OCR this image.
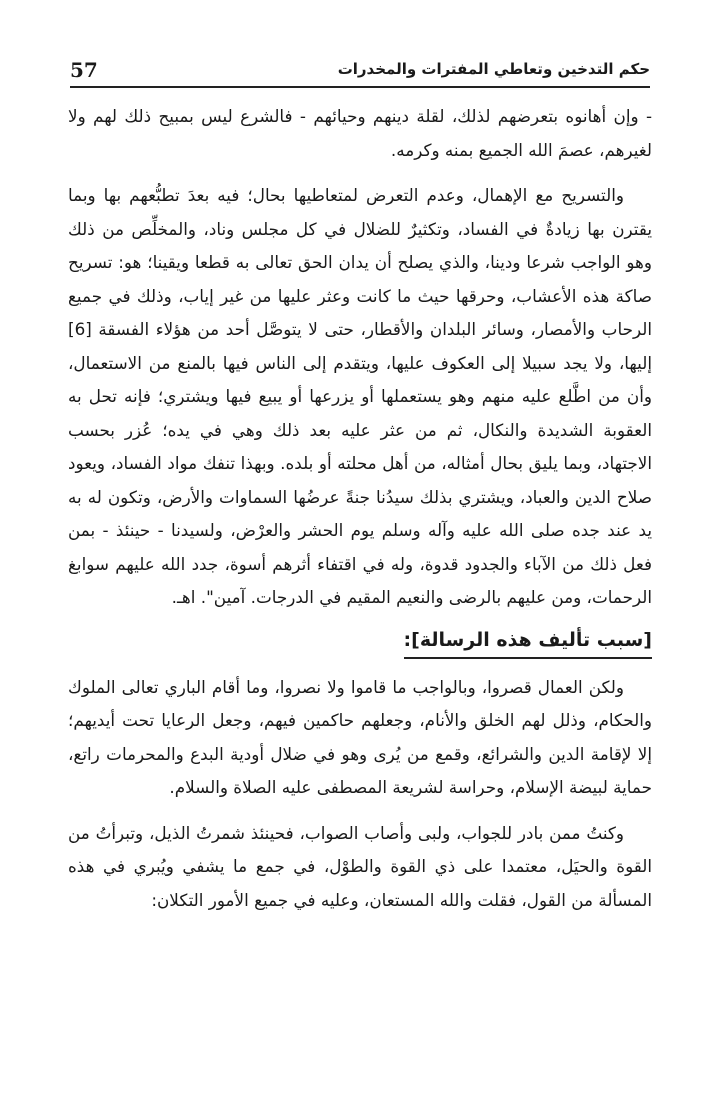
57	حكم التدخين وتعاطي المفترات والمخدرات

- وإن أهانوه بتعرضهم لذلك، لقلة دينهم وحيائهم - فالشرع ليس بمبيح ذلك لهم ولا لغيرهم، عصمَ الله الجميع بمنه وكرمه.

والتسريح مع الإهمال، وعدم التعرض لمتعاطيها بحال؛ فيه بعدَ تطبُّعهم بها وبما يقترن بها زيادةٌ في الفساد، وتكثيرٌ للضلال في كل مجلس وناد، والمخلِّص من ذلك وهو الواجب شرعا ودينا، والذي يصلح أن يدان الحق تعالى به قطعا ويقينا؛ هو: تسريح صاكة هذه الأعشاب، وحرقها حيث ما كانت وعثر عليها من غير إياب، وذلك في جميع الرحاب والأمصار، وسائر البلدان والأقطار، حتى لا يتوصَّل أحد من هؤلاء الفسقة [6] إليها، ولا يجد سبيلا إلى العكوف عليها، ويتقدم إلى الناس فيها بالمنع من الاستعمال، وأن من اطَّلع عليه منهم وهو يستعملها أو يزرعها أو يبيع فيها ويشتري؛ فإنه تحل به العقوبة الشديدة والنكال، ثم من عثر عليه بعد ذلك وهي في يده؛ عُزر بحسب الاجتهاد، وبما يليق بحال أمثاله، من أهل محلته أو بلده. وبهذا تنفك مواد الفساد، ويعود صلاح الدين والعباد، ويشتري بذلك سيدُنا جنةً عرضُها السماوات والأرض، وتكون له به يد عند جده صلى الله عليه وآله وسلم يوم الحشر والعرْض، ولسيدنا - حينئذ - بمن فعل ذلك من الآباء والجدود قدوة، وله في اقتفاء أثرهم أسوة، جدد الله عليهم سوابغ الرحمات، ومن عليهم بالرضى والنعيم المقيم في الدرجات. آمين". اهـ.

[سبب تأليف هذه الرسالة]:

ولكن العمال قصروا، وبالواجب ما قاموا ولا نصروا، وما أقام الباري تعالى الملوك والحكام، وذلل لهم الخلق والأنام، وجعلهم حاكمين فيهم، وجعل الرعايا تحت أيديهم؛ إلا لإقامة الدين والشرائع، وقمع من يُرى وهو في ضلال أودية البدع والمحرمات راتع، حماية لبيضة الإسلام، وحراسة لشريعة المصطفى عليه الصلاة والسلام.

وكنتُ ممن بادر للجواب، ولبى وأصاب الصواب، فحينئذ شمرتُ الذيل، وتبرأتُ من القوة والحيَل، معتمدا على ذي القوة والطوْل، في جمع ما يشفي ويُبري في هذه المسألة من القول، فقلت والله المستعان، وعليه في جميع الأمور التكلان:
